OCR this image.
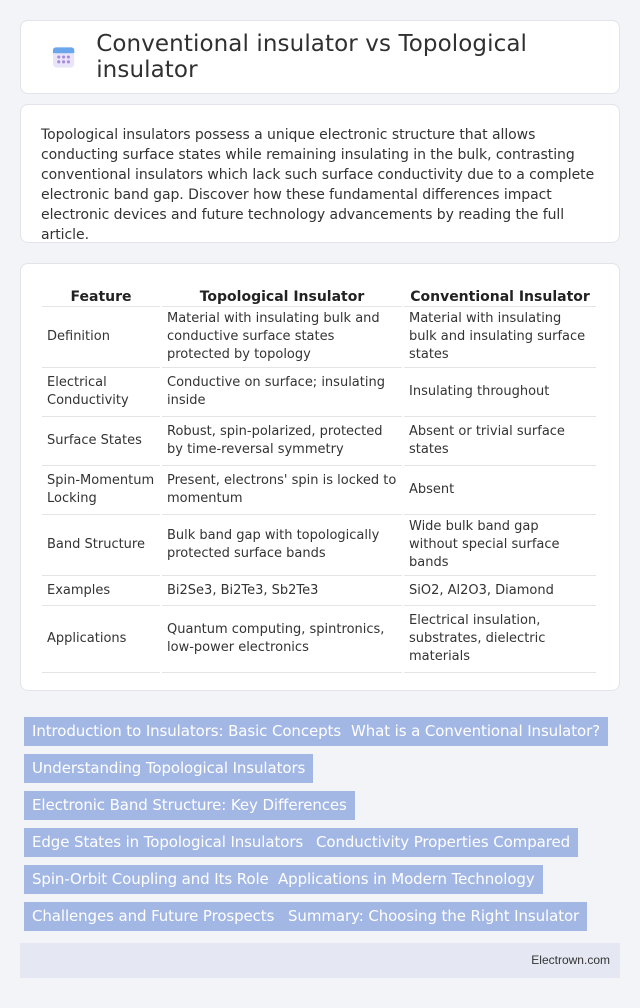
Conventional insulator vs Topological insulator

Topological insulators possess a unique electronic structure that allows conducting surface states while remaining insulating in the bulk, contrasting conventional insulators which lack such surface conductivity due to a complete electronic band gap. Discover how these fundamental differences impact electronic devices and future technology advancements by reading the full article.

Feature	Topological Insulator	Conventional Insulator
Definition	Material with insulating bulk and conductive surface states protected by topology	Material with insulating bulk and insulating surface states
Electrical Conductivity	Conductive on surface; insulating inside	Insulating throughout
Surface States	Robust, spin-polarized, protected by time-reversal symmetry	Absent or trivial surface states
Spin-Momentum Locking	Present, electrons' spin is locked to momentum	Absent
Band Structure	Bulk band gap with topologically protected surface bands	Wide bulk band gap without special surface bands
Examples	Bi2Se3, Bi2Te3, Sb2Te3	SiO2, Al2O3, Diamond
Applications	Quantum computing, spintronics, low-power electronics	Electrical insulation, substrates, dielectric materials
Introduction to Insulators: Basic Concepts What is a Conventional Insulator?
Understanding Topological Insulators
Electronic Band Structure: Key Differences
Edge States in Topological Insulators Conductivity Properties Compared
Spin-Orbit Coupling and Its Role Applications in Modern Technology
Challenges and Future Prospects Summary: Choosing the Right Insulator
Electrown.com
